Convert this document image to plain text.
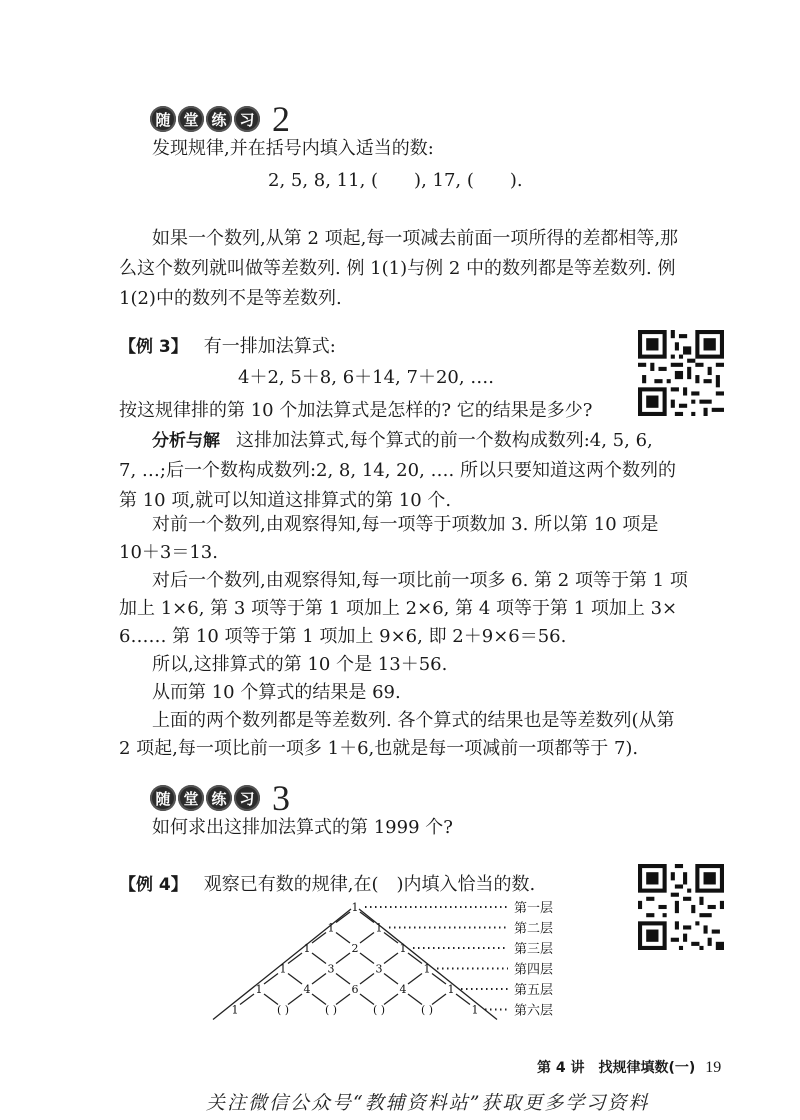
随 堂 练 习 2
发现规律,并在括号内填入适当的数:
2, 5, 8, 11, (　　), 17, (　　).
如果一个数列,从第 2 项起,每一项减去前面一项所得的差都相等,那
么这个数列就叫做等差数列. 例 1(1)与例 2 中的数列都是等差数列. 例
1(2)中的数列不是等差数列.
【例 3】 有一排加法算式:
4＋2, 5＋8, 6＋14, 7＋20, ….
按这规律排的第 10 个加法算式是怎样的? 它的结果是多少?
分析与解 这排加法算式,每个算式的前一个数构成数列:4, 5, 6,
7, …;后一个数构成数列:2, 8, 14, 20, …. 所以只要知道这两个数列的
第 10 项,就可以知道这排算式的第 10 个.
对前一个数列,由观察得知,每一项等于项数加 3. 所以第 10 项是
10＋3＝13.
对后一个数列,由观察得知,每一项比前一项多 6. 第 2 项等于第 1 项
加上 1×6, 第 3 项等于第 1 项加上 2×6, 第 4 项等于第 1 项加上 3×
6…… 第 10 项等于第 1 项加上 9×6, 即 2＋9×6＝56.
所以,这排算式的第 10 个是 13＋56.
从而第 10 个算式的结果是 69.
上面的两个数列都是等差数列. 各个算式的结果也是等差数列(从第
2 项起,每一项比前一项多 1＋6,也就是每一项减前一项都等于 7).
随 堂 练 习 3
如何求出这排加法算式的第 1999 个?
【例 4】 观察已有数的规律,在(　)内填入恰当的数.
1
1	1
1	2	1
1	3	3	1
1	4	6	4	1
1	( )	( )	( )	( )	1
第一层
第二层
第三层
第四层
第五层
第六层
第 4 讲　找规律填数(一) 19
关注微信公众号“教辅资料站”获取更多学习资料
